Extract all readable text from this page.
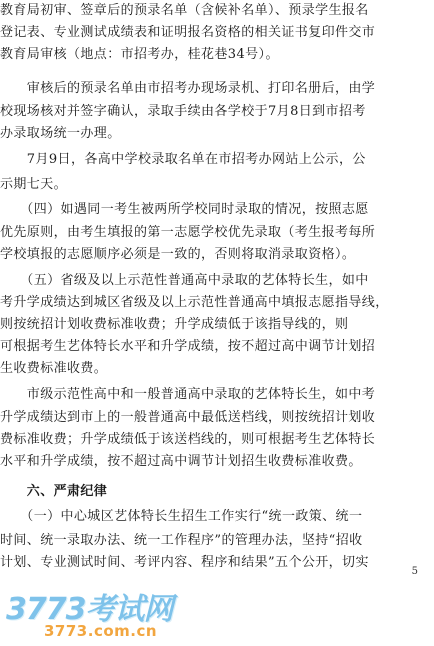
教育局初审、签章后的预录名单（含候补名单）、预录学生报名
登记表、专业测试成绩表和证明报名资格的相关证书复印件交市
教育局审核（地点：市招考办，桂花巷34号）。
　　审核后的预录名单由市招考办现场录机、打印名册后，由学
校现场核对并签字确认，录取手续由各学校于7月8日到市招考
办录取场统一办理。
　　7月9日，各高中学校录取名单在市招考办网站上公示，公
示期七天。
　　（四）如遇同一考生被两所学校同时录取的情况，按照志愿
优先原则，由考生填报的第一志愿学校优先录取（考生报考每所
学校填报的志愿顺序必须是一致的，否则将取消录取资格）。
　　（五）省级及以上示范性普通高中录取的艺体特长生，如中
考升学成绩达到城区省级及以上示范性普通高中填报志愿指导线，
则按统招计划收费标准收费；升学成绩低于该指导线的，则
可根据考生艺体特长水平和升学成绩，按不超过高中调节计划招
生收费标准收费。
　　市级示范性高中和一般普通高中录取的艺体特长生，如中考
升学成绩达到市上的一般普通高中最低送档线，则按统招计划收
费标准收费；升学成绩低于该送档线的，则可根据考生艺体特长
水平和升学成绩，按不超过高中调节计划招生收费标准收费。
　　六、严肃纪律
　　（一）中心城区艺体特长生招生工作实行“统一政策、统一
时间、统一录取办法、统一工作程序”的管理办法，坚持“招收
计划、专业测试时间、考评内容、程序和结果”五个公开，切实
5
3773考试网
3773.com.cn
